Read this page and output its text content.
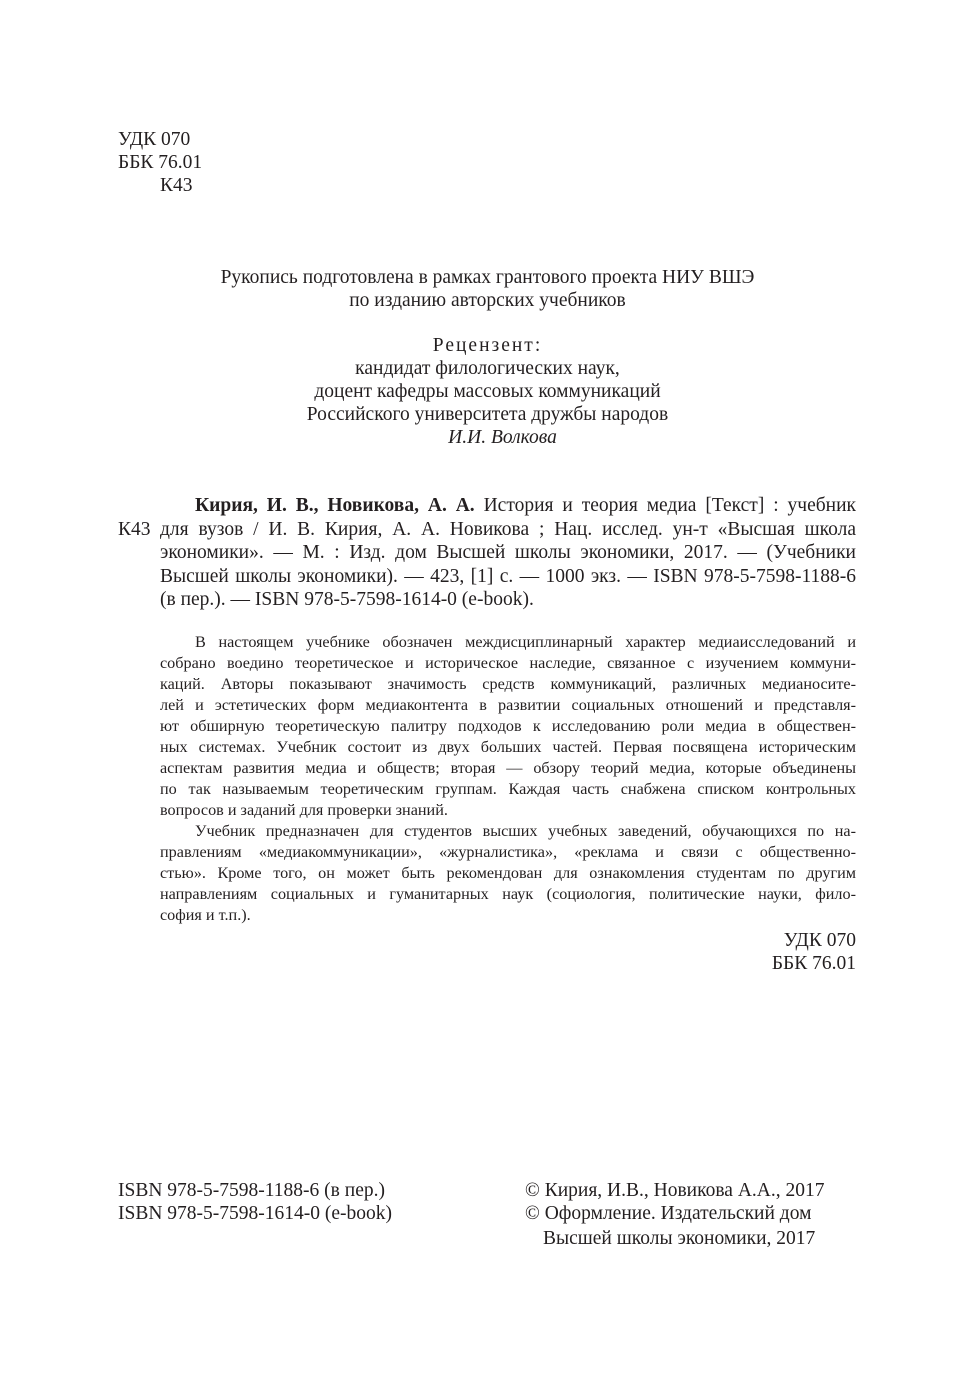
УДК 070
ББК 76.01
К43
Рукопись подготовлена в рамках грантового проекта НИУ ВШЭ
по изданию авторских учебников
Рецензент:
кандидат филологических наук,
доцент кафедры массовых коммуникаций
Российского университета дружбы народов
И.И. Волкова
К43
Кирия, И. В., Новикова, А. А. История и теория медиа [Текст] : учебник
для вузов / И. В. Кирия, А. А. Новикова ; Нац. исслед. ун-т «Высшая школа
экономики». — М. : Изд. дом Высшей школы экономики, 2017. — (Учебники
Высшей школы экономики). — 423, [1] с. — 1000 экз. — ISBN 978-5-7598-1188-6
(в пер.). — ISBN 978-5-7598-1614-0 (e-book).
В настоящем учебнике обозначен междисциплинарный характер медиаисследований и
собрано воедино теоретическое и историческое наследие, связанное с изучением коммуни-
каций. Авторы показывают значимость средств коммуникаций, различных медианосите-
лей и эстетических форм медиаконтента в развитии социальных отношений и представля-
ют обширную теоретическую палитру подходов к исследованию роли медиа в обществен-
ных системах. Учебник состоит из двух больших частей. Первая посвящена историческим
аспектам развития медиа и обществ; вторая — обзору теорий медиа, которые объединены
по так называемым теоретическим группам. Каждая часть снабжена списком контрольных
вопросов и заданий для проверки знаний.
Учебник предназначен для студентов высших учебных заведений, обучающихся по на-
правлениям «медиакоммуникации», «журналистика», «реклама и связи с общественно-
стью». Кроме того, он может быть рекомендован для ознакомления студентам по другим
направлениям социальных и гуманитарных наук (социология, политические науки, фило-
софия и т.п.).
УДК 070
ББК 76.01
ISBN 978-5-7598-1188-6 (в пер.)
ISBN 978-5-7598-1614-0 (e-book)
© Кирия, И.В., Новикова А.А., 2017
© Оформление. Издательский дом
Высшей школы экономики, 2017
